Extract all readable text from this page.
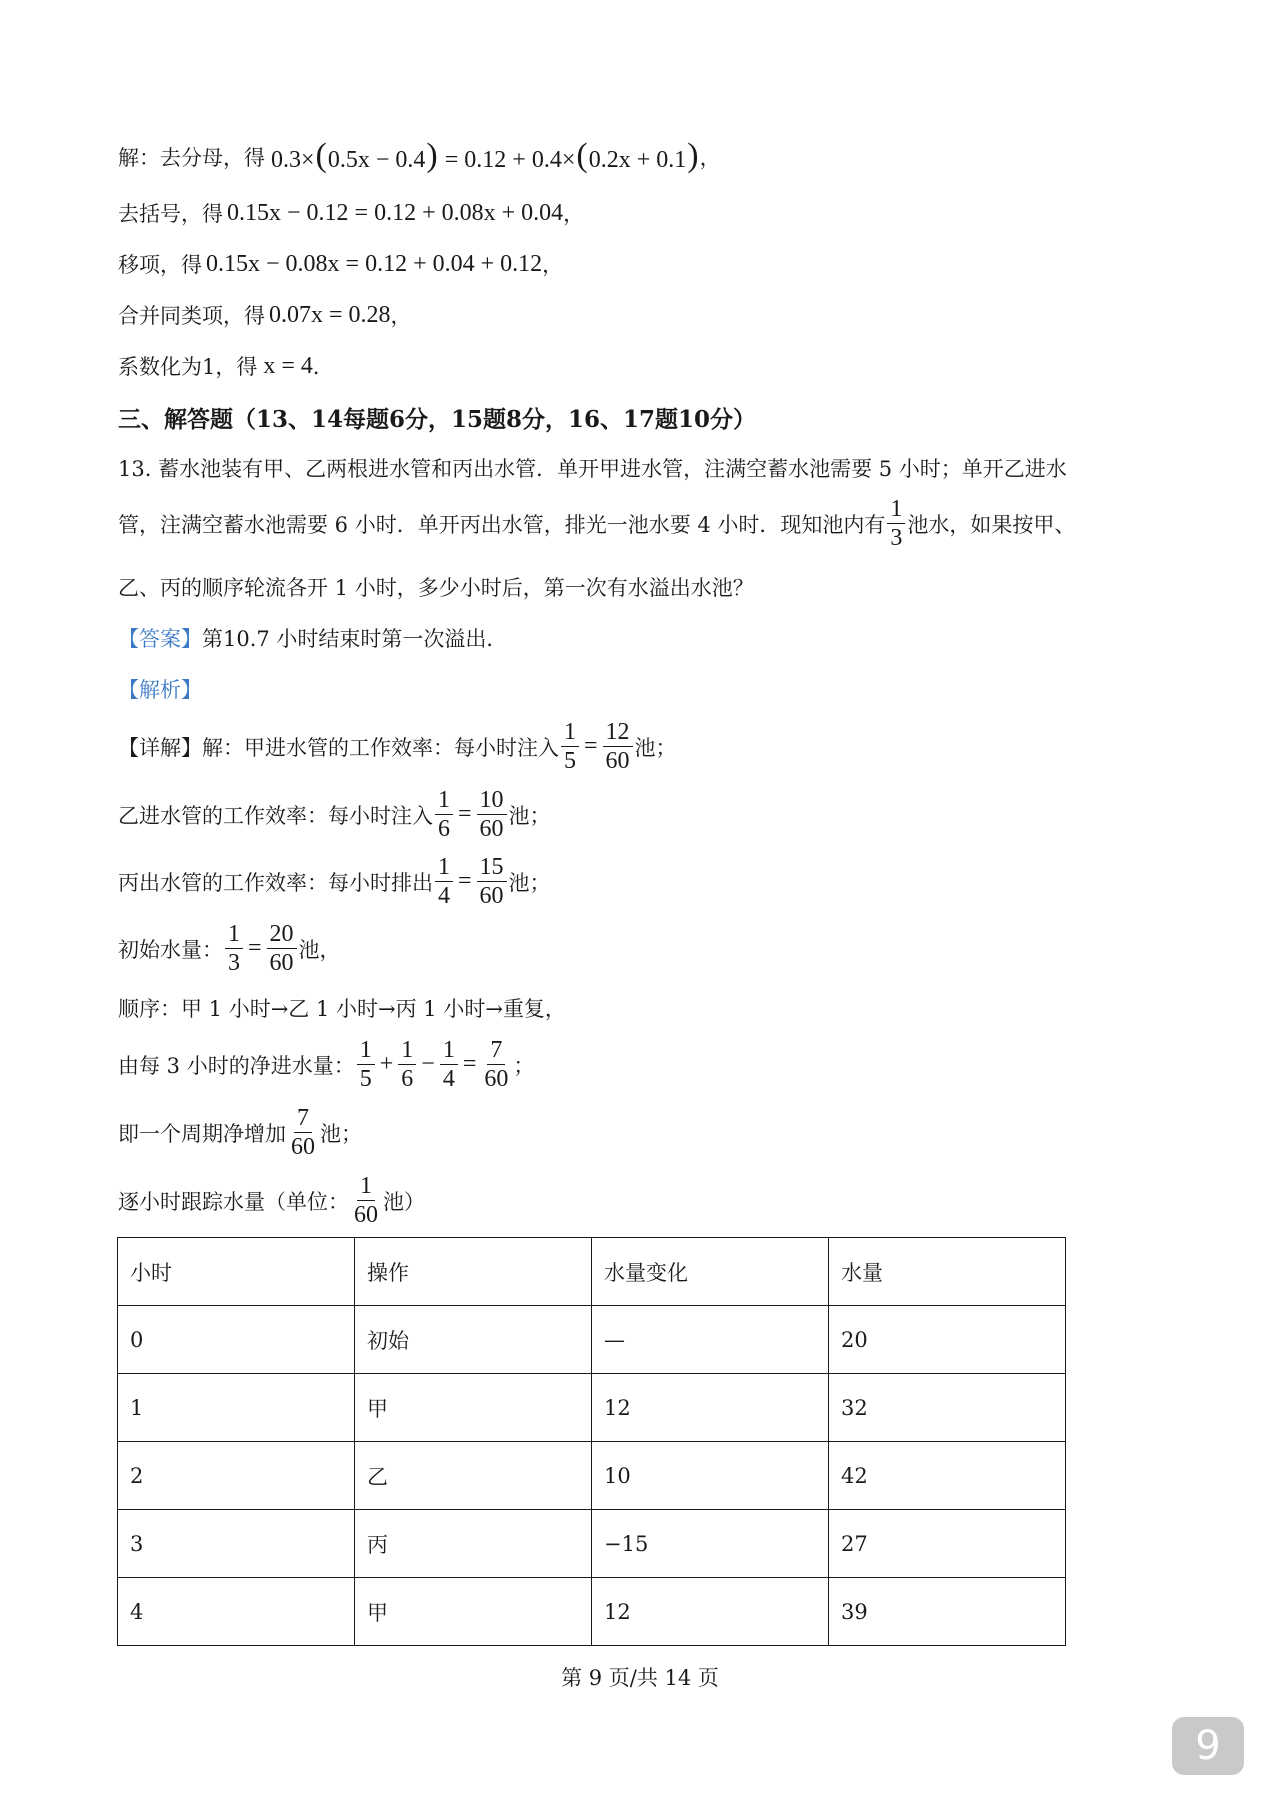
解：去分母，得 0.3×(0.5x − 0.4) = 0.12 + 0.4×(0.2x + 0.1) ，
去括号，得 0.15x − 0.12 = 0.12 + 0.08x + 0.04 ，
移项，得 0.15x − 0.08x = 0.12 + 0.04 + 0.12 ，
合并同类项，得 0.07x = 0.28 ，
系数化为1，得 x = 4 ．
三、解答题（13、14每题6分，15题8分，16、17题10分）
13. 蓄水池装有甲、乙两根进水管和丙出水管．单开甲进水管，注满空蓄水池需要 5 小时；单开乙进水
管，注满空蓄水池需要 6 小时．单开丙出水管，排光一池水要 4 小时．现知池内有 $\frac{1}{3}$ 池水，如果按甲、
乙、丙的顺序轮流各开 1 小时，多少小时后，第一次有水溢出水池？
【答案】 第10.7 小时结束时第一次溢出．
【解析】
【详解】 解：甲进水管的工作效率：每小时注入 $\frac{1}{5} = \frac{12}{60}$ 池；
乙进水管的工作效率：每小时注入 $\frac{1}{6} = \frac{10}{60}$ 池；
丙出水管的工作效率：每小时排出 $\frac{1}{4} = \frac{15}{60}$ 池；
初始水量： $\frac{1}{3} = \frac{20}{60}$ 池，
顺序：甲 1 小时→乙 1 小时→丙 1 小时→重复，
由每 3 小时的净进水量： $\frac{1}{5} + \frac{1}{6} - \frac{1}{4} = \frac{7}{60}$ ；
即一个周期净增加 $\frac{7}{60}$ 池；
逐小时跟踪水量（单位： $\frac{1}{60}$ 池）
小时	操作	水量变化	水量
0	初始	—	20
1	甲	12	32
2	乙	10	42
3	丙	−15	27
4	甲	12	39
第 9 页/共 14 页
9
